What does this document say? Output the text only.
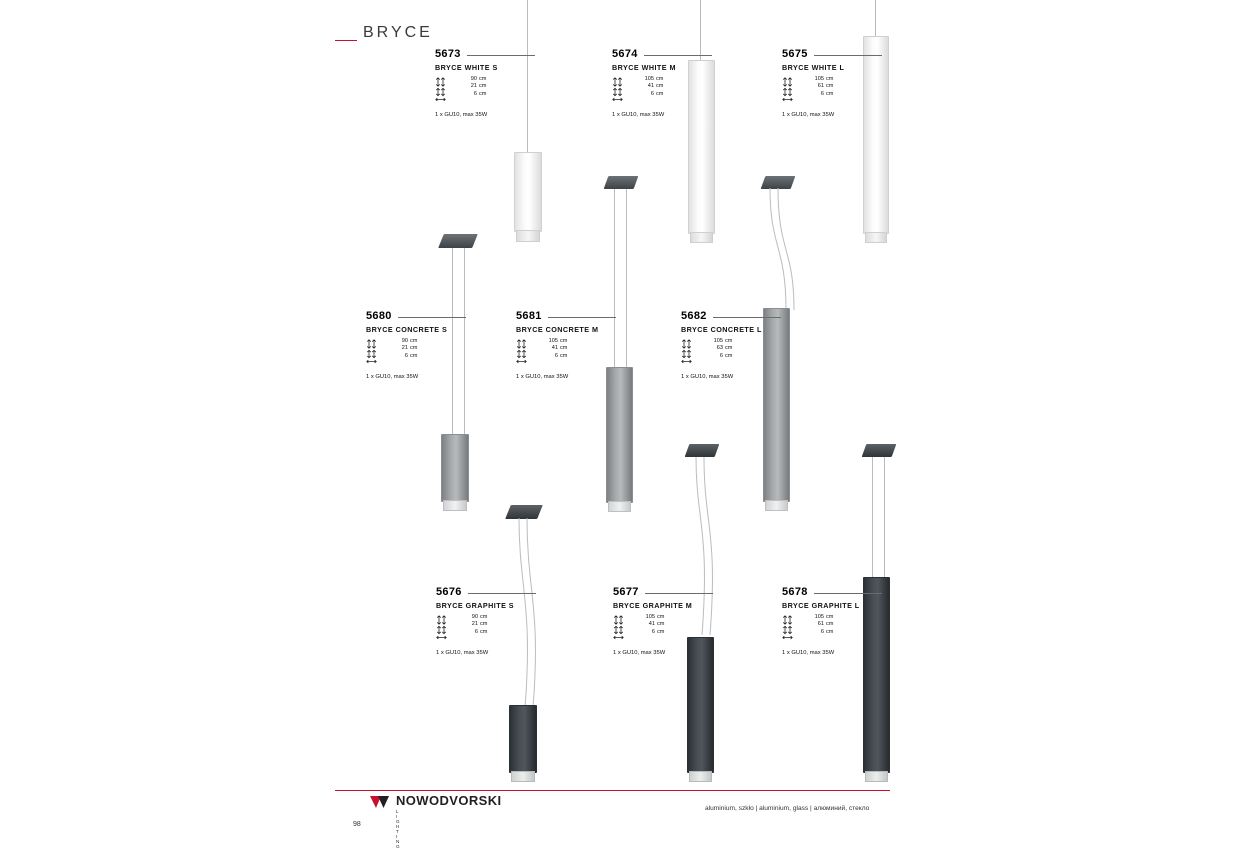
BRYCE
5673
BRYCE WHITE S
90 cm
21 cm
6 cm
1 x GU10, max 35W
5674
BRYCE WHITE M
105 cm
41 cm
6 cm
1 x GU10, max 35W
5675
BRYCE WHITE L
105 cm
61 cm
6 cm
1 x GU10, max 35W
5680
BRYCE CONCRETE S
90 cm
21 cm
6 cm
1 x GU10, max 35W
5681
BRYCE CONCRETE M
105 cm
41 cm
6 cm
1 x GU10, max 35W
5682
BRYCE CONCRETE L
105 cm
63 cm
6 cm
1 x GU10, max 35W
5676
BRYCE GRAPHITE S
90 cm
21 cm
6 cm
1 x GU10, max 35W
5677
BRYCE GRAPHITE M
105 cm
41 cm
6 cm
1 x GU10, max 35W
5678
BRYCE GRAPHITE L
105 cm
61 cm
6 cm
1 x GU10, max 35W
NOWODVORSKI
L I G H T I N G
aluminium, szkło | aluminium, glass | алюминий, стекло
98
